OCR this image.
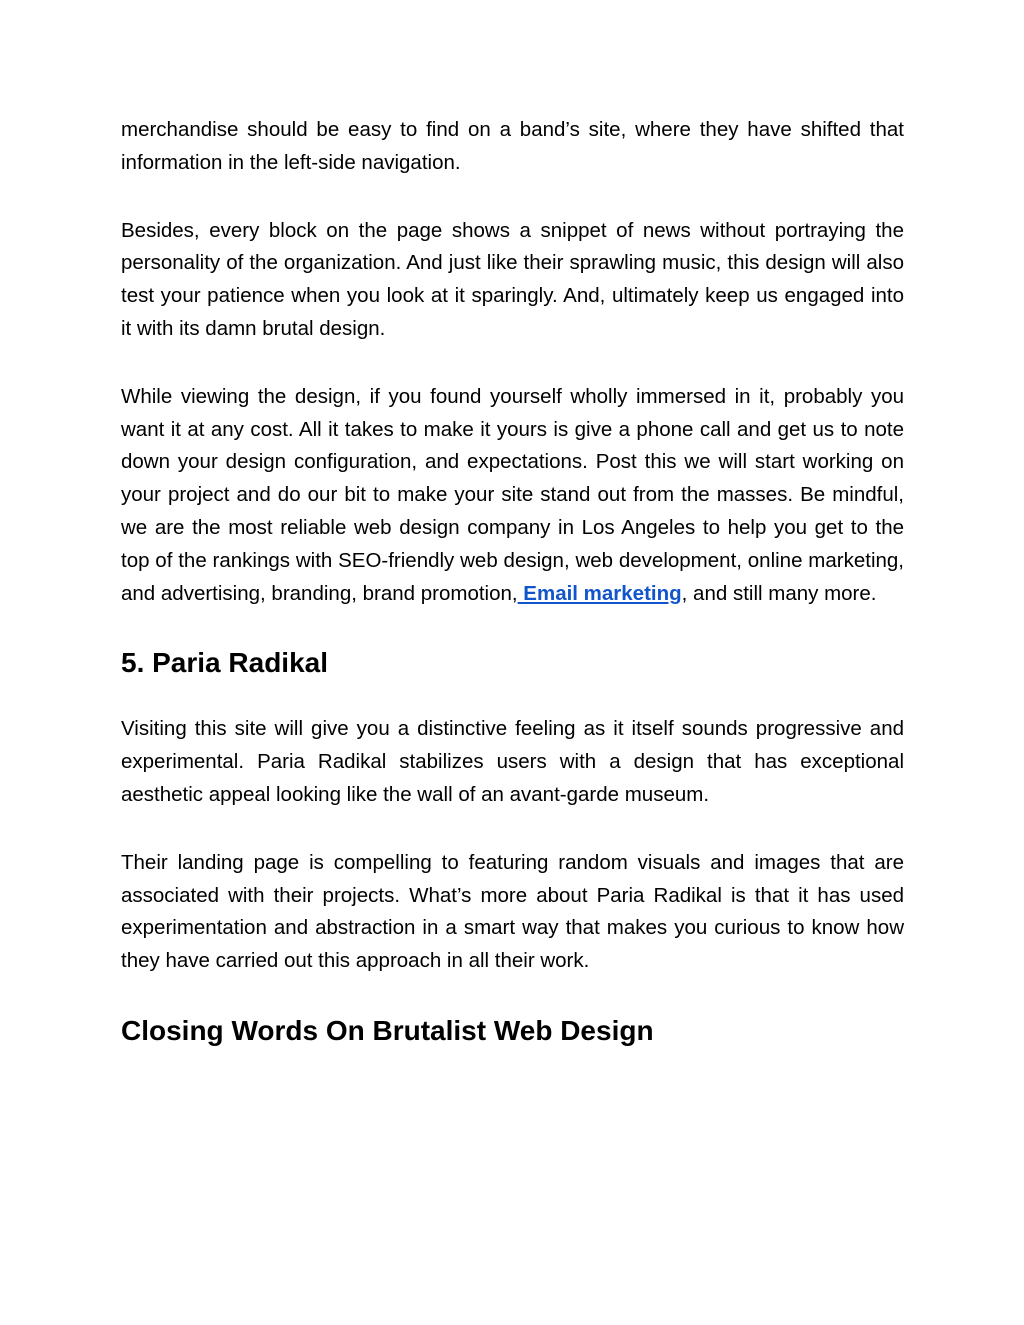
merchandise should be easy to find on a band’s site, where they have shifted that information in the left-side navigation.

Besides, every block on the page shows a snippet of news without portraying the personality of the organization. And just like their sprawling music, this design will also test your patience when you look at it sparingly. And, ultimately keep us engaged into it with its damn brutal design.

While viewing the design, if you found yourself wholly immersed in it, probably you want it at any cost. All it takes to make it yours is give a phone call and get us to note down your design configuration, and expectations. Post this we will start working on your project and do our bit to make your site stand out from the masses. Be mindful, we are the most reliable web design company in Los Angeles to help you get to the top of the rankings with SEO-friendly web design, web development, online marketing, and advertising, branding, brand promotion, Email marketing, and still many more.

5. Paria Radikal

Visiting this site will give you a distinctive feeling as it itself sounds progressive and experimental. Paria Radikal stabilizes users with a design that has exceptional aesthetic appeal looking like the wall of an avant-garde museum.

Their landing page is compelling to featuring random visuals and images that are associated with their projects. What’s more about Paria Radikal is that it has used experimentation and abstraction in a smart way that makes you curious to know how they have carried out this approach in all their work.

Closing Words On Brutalist Web Design
